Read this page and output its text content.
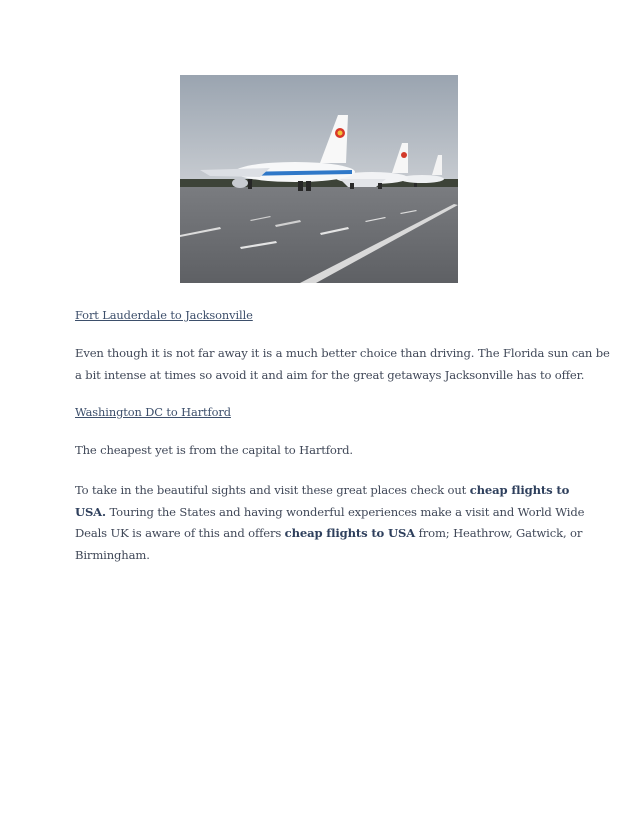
Fort Lauderdale to Jacksonville
Even though it is not far away it is a much better choice than driving. The Florida sun can be
a bit intense at times so avoid it and aim for the great getaways Jacksonville has to offer.
Washington DC to Hartford
The cheapest yet is from the capital to Hartford.
To take in the beautiful sights and visit these great places check out cheap flights to
USA. Touring the States and having wonderful experiences make a visit and World Wide
Deals UK is aware of this and offers cheap flights to USA from; Heathrow, Gatwick, or
Birmingham.
